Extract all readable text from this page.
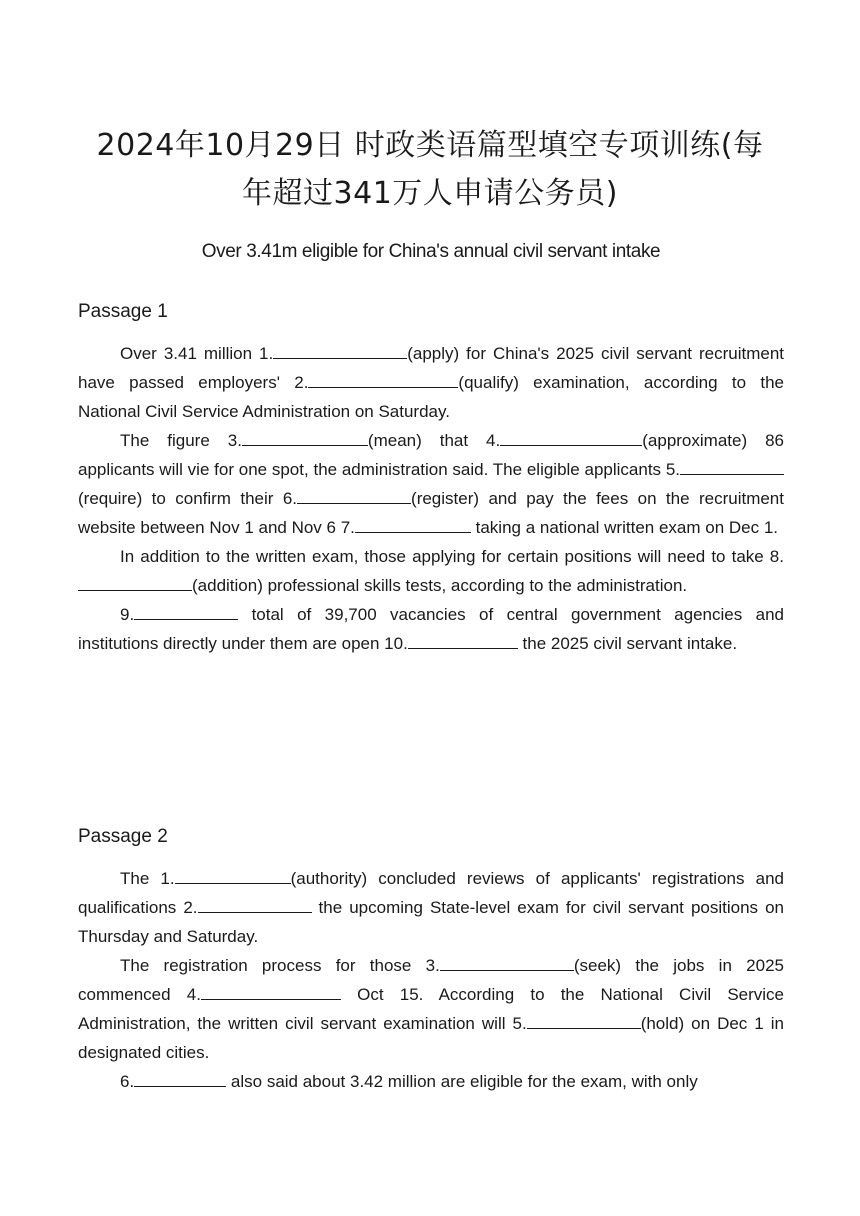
2024年10月29日 时政类语篇型填空专项训练(每
年超过341万人申请公务员)
Over 3.41m eligible for China's annual civil servant intake
Passage 1

Over 3.41 million 1.	(apply) for China's 2025 civil servant recruitment have passed employers' 2.	(qualify) examination, according to the National Civil Service Administration on Saturday.

The figure 3.	(mean) that 4.	(approximate) 86 applicants will vie for one spot, the administration said. The eligible applicants 5.(require) to confirm their 6.	(register) and pay the fees on the recruitment website between Nov 1 and Nov 6 7.	taking a national written exam on Dec 1.

In addition to the written exam, those applying for certain positions will need to take 8.(addition) professional skills tests, according to the administration.

9.	total of 39,700 vacancies of central government agencies and institutions directly under them are open 10.	the 2025 civil servant intake.

Passage 2

The 1.	(authority) concluded reviews of applicants' registrations and qualifications 2.	the upcoming State-level exam for civil servant positions on Thursday and Saturday.

The registration process for those 3.	(seek) the jobs in 2025 commenced 4.	Oct 15. According to the National Civil Service Administration, the written civil servant examination will 5.	(hold) on Dec 1 in designated cities.

6.	also said about 3.42 million are eligible for the exam, with only
